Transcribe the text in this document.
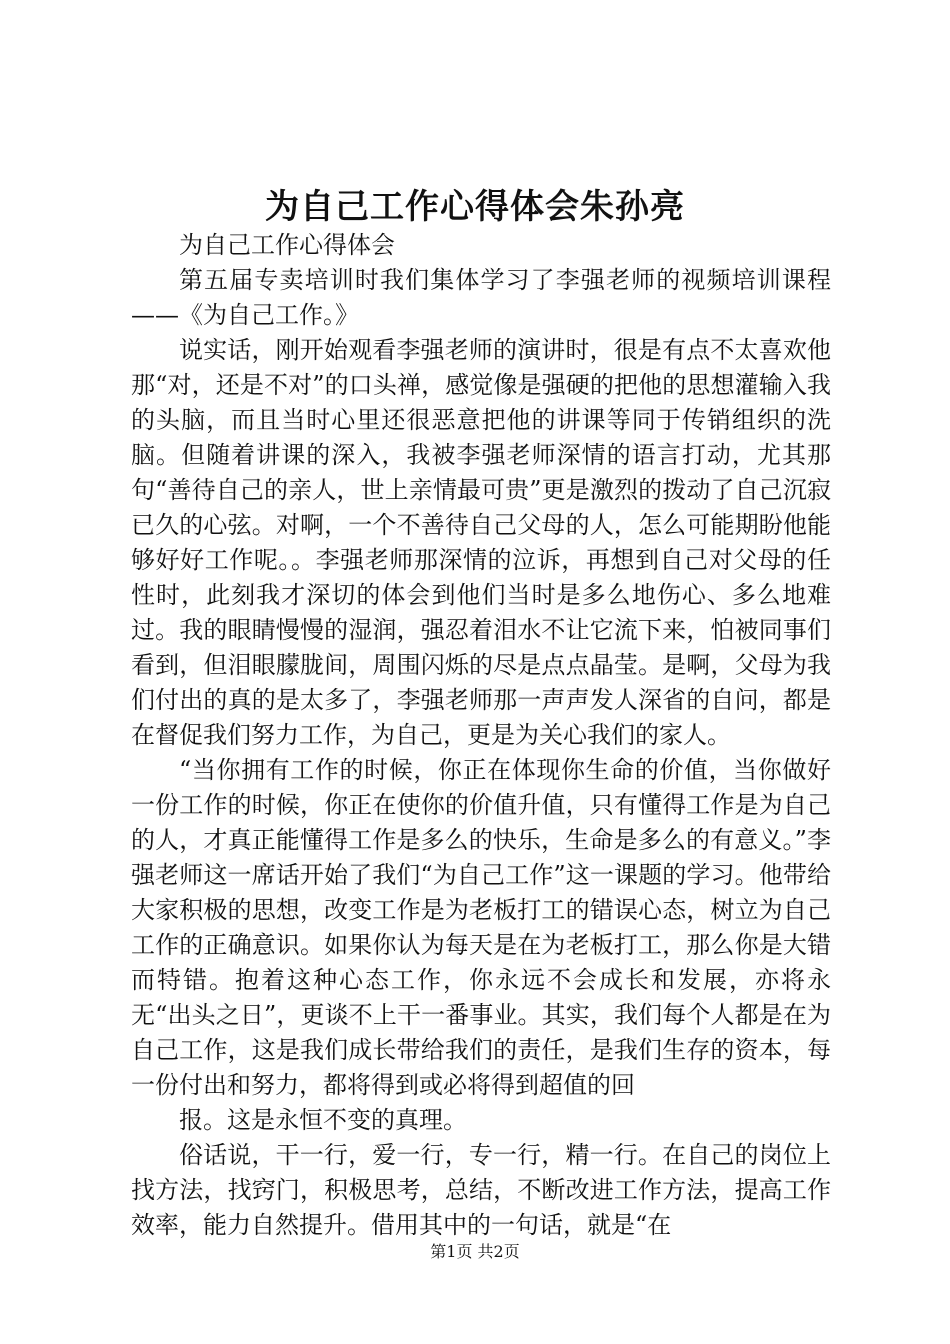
为自己工作心得体会朱孙亮

为自己工作心得体会

第五届专卖培训时我们集体学习了李强老师的视频培训课程——《为自己工作。》

说实话，刚开始观看李强老师的演讲时，很是有点不太喜欢他那“对，还是不对”的口头禅，感觉像是强硬的把他的思想灌输入我的头脑，而且当时心里还很恶意把他的讲课等同于传销组织的洗脑。但随着讲课的深入，我被李强老师深情的语言打动，尤其那句“善待自己的亲人，世上亲情最可贵”更是激烈的拨动了自己沉寂已久的心弦。对啊，一个不善待自己父母的人，怎么可能期盼他能够好好工作呢。。李强老师那深情的泣诉，再想到自己对父母的任性时，此刻我才深切的体会到他们当时是多么地伤心、多么地难过。我的眼睛慢慢的湿润，强忍着泪水不让它流下来，怕被同事们看到，但泪眼朦胧间，周围闪烁的尽是点点晶莹。是啊，父母为我们付出的真的是太多了，李强老师那一声声发人深省的自问，都是在督促我们努力工作，为自己，更是为关心我们的家人。

“当你拥有工作的时候，你正在体现你生命的价值，当你做好一份工作的时候，你正在使你的价值升值，只有懂得工作是为自己的人，才真正能懂得工作是多么的快乐，生命是多么的有意义。”李强老师这一席话开始了我们“为自己工作”这一课题的学习。他带给大家积极的思想，改变工作是为老板打工的错误心态，树立为自己工作的正确意识。如果你认为每天是在为老板打工，那么你是大错而特错。抱着这种心态工作，你永远不会成长和发展，亦将永无“出头之日”，更谈不上干一番事业。其实，我们每个人都是在为自己工作，这是我们成长带给我们的责任，是我们生存的资本，每一份付出和努力，都将得到或必将得到超值的回

报。这是永恒不变的真理。

俗话说，干一行，爱一行，专一行，精一行。在自己的岗位上找方法，找窍门，积极思考，总结，不断改进工作方法，提高工作效率，能力自然提升。借用其中的一句话，就是“在

第1页 共2页
